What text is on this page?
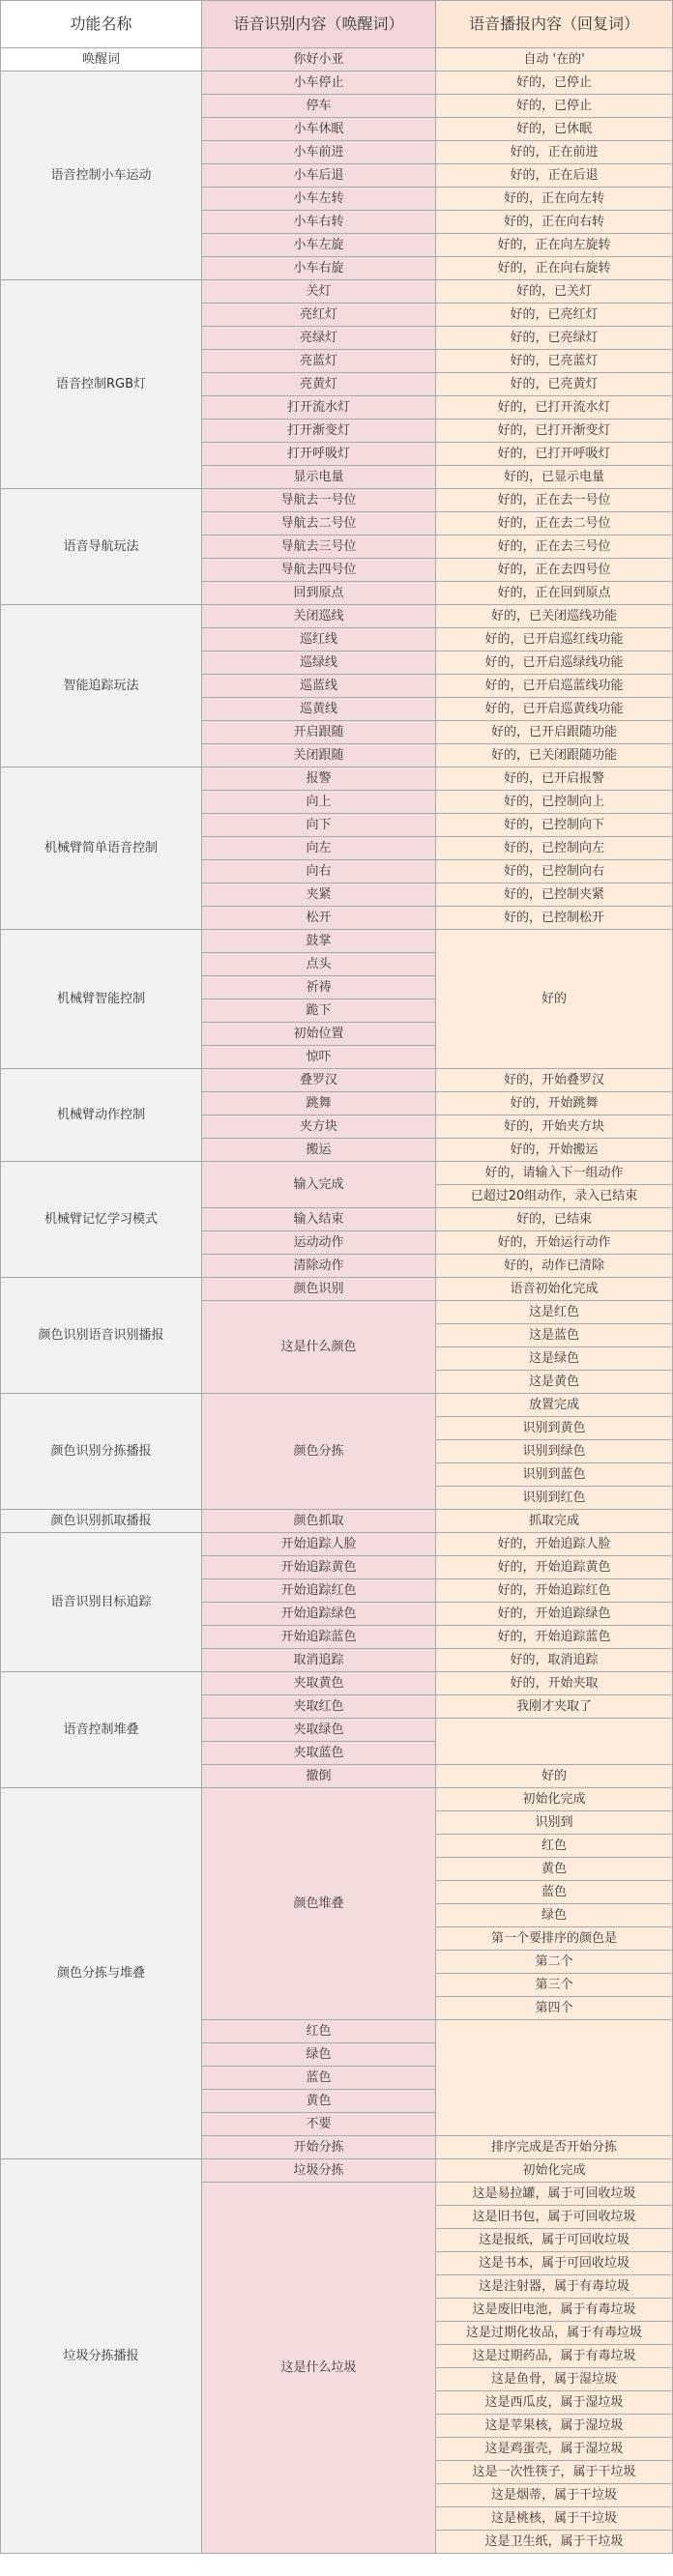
功能名称	语音识别内容（唤醒词）	语音播报内容（回复词）
唤醒词	你好小亚	自动 '在的'
语音控制小车运动	小车停止	好的，已停止
	停车	好的，已停止
	小车休眠	好的，已休眠
	小车前进	好的，正在前进
	小车后退	好的，正在后退
	小车左转	好的，正在向左转
	小车右转	好的，正在向右转
	小车左旋	好的，正在向左旋转
	小车右旋	好的，正在向右旋转
语音控制RGB灯	关灯	好的，已关灯
	亮红灯	好的，已亮红灯
	亮绿灯	好的，已亮绿灯
	亮蓝灯	好的，已亮蓝灯
	亮黄灯	好的，已亮黄灯
	打开流水灯	好的，已打开流水灯
	打开渐变灯	好的，已打开渐变灯
	打开呼吸灯	好的，已打开呼吸灯
	显示电量	好的，已显示电量
语音导航玩法	导航去一号位	好的，正在去一号位
	导航去二号位	好的，正在去二号位
	导航去三号位	好的，正在去三号位
	导航去四号位	好的，正在去四号位
	回到原点	好的，正在回到原点
智能追踪玩法	关闭巡线	好的，已关闭巡线功能
	巡红线	好的，已开启巡红线功能
	巡绿线	好的，已开启巡绿线功能
	巡蓝线	好的，已开启巡蓝线功能
	巡黄线	好的，已开启巡黄线功能
	开启跟随	好的，已开启跟随功能
	关闭跟随	好的，已关闭跟随功能
机械臂简单语音控制	报警	好的，已开启报警
	向上	好的，已控制向上
	向下	好的，已控制向下
	向左	好的，已控制向左
	向右	好的，已控制向右
	夹紧	好的，已控制夹紧
	松开	好的，已控制松开
机械臂智能控制	鼓掌	好的
	点头	
	祈祷	
	跪下	
	初始位置	
	惊吓	
机械臂动作控制	叠罗汉	好的，开始叠罗汉
	跳舞	好的，开始跳舞
	夹方块	好的，开始夹方块
	搬运	好的，开始搬运
机械臂记忆学习模式	输入完成	好的，请输入下一组动作
		已超过20组动作，录入已结束
	输入结束	好的，已结束
	运动动作	好的，开始运行动作
	清除动作	好的，动作已清除
颜色识别语音识别播报	颜色识别	语音初始化完成
	这是什么颜色	这是红色
		这是蓝色
		这是绿色
		这是黄色
颜色识别分拣播报	颜色分拣	放置完成
		识别到黄色
		识别到绿色
		识别到蓝色
		识别到红色
颜色识别抓取播报	颜色抓取	抓取完成
语音识别目标追踪	开始追踪人脸	好的，开始追踪人脸
	开始追踪黄色	好的，开始追踪黄色
	开始追踪红色	好的，开始追踪红色
	开始追踪绿色	好的，开始追踪绿色
	开始追踪蓝色	好的，开始追踪蓝色
	取消追踪	好的，取消追踪
语音控制堆叠	夹取黄色	好的，开始夹取
	夹取红色	我刚才夹取了
	夹取绿色	
	夹取蓝色	

	撤倒	好的
颜色分拣与堆叠	颜色堆叠	初始化完成
		识别到
		红色
		黄色
		蓝色
		绿色
		第一个要排序的颜色是
		第二个
		第三个
		第四个
	红色	
	绿色	
	蓝色	
	黄色	
	不要	
	开始分拣	排序完成是否开始分拣
垃圾分拣播报	垃圾分拣	初始化完成
	这是什么垃圾	这是易拉罐，属于可回收垃圾
		这是旧书包，属于可回收垃圾
		这是报纸，属于可回收垃圾
		这是书本，属于可回收垃圾
		这是注射器，属于有毒垃圾
		这是废旧电池，属于有毒垃圾
		这是过期化妆品，属于有毒垃圾
		这是过期药品，属于有毒垃圾
		这是鱼骨，属于湿垃圾
		这是西瓜皮，属于湿垃圾
		这是苹果核，属于湿垃圾
		这是鸡蛋壳，属于湿垃圾
		这是一次性筷子，属于干垃圾
		这是烟蒂，属于干垃圾
		这是桃核，属于干垃圾
		这是卫生纸，属于干垃圾
